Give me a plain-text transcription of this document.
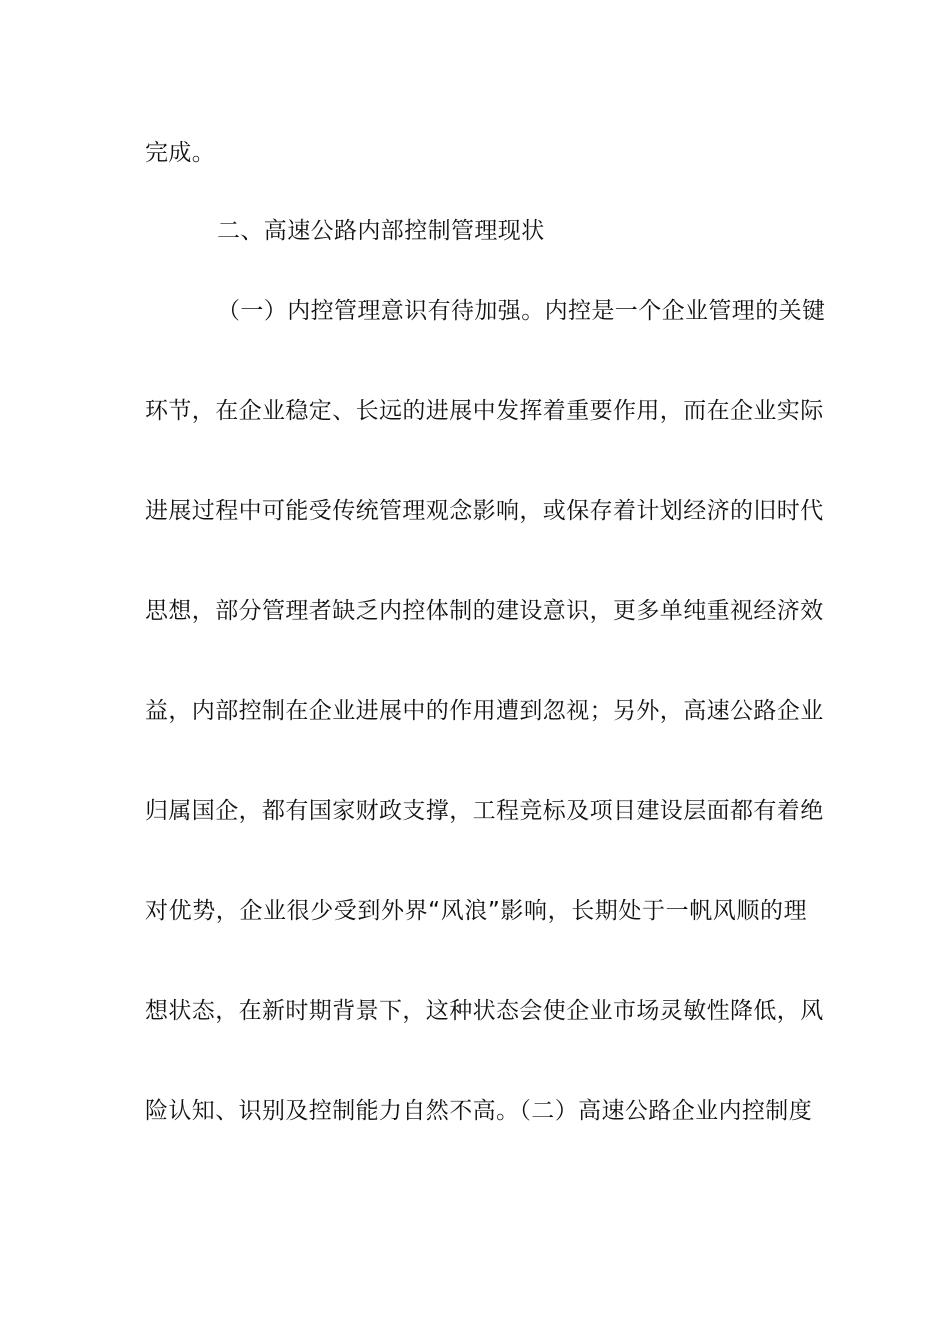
完成。
二、高速公路内部控制管理现状
（一）内控管理意识有待加强。内控是一个企业管理的关键
环节，在企业稳定、长远的进展中发挥着重要作用，而在企业实际
进展过程中可能受传统管理观念影响，或保存着计划经济的旧时代
思想，部分管理者缺乏内控体制的建设意识，更多单纯重视经济效
益，内部控制在企业进展中的作用遭到忽视；另外，高速公路企业
归属国企，都有国家财政支撑，工程竞标及项目建设层面都有着绝
对优势，企业很少受到外界“风浪”影响，长期处于一帆风顺的理
想状态，在新时期背景下，这种状态会使企业市场灵敏性降低，风
险认知、识别及控制能力自然不高。（二）高速公路企业内控制度
